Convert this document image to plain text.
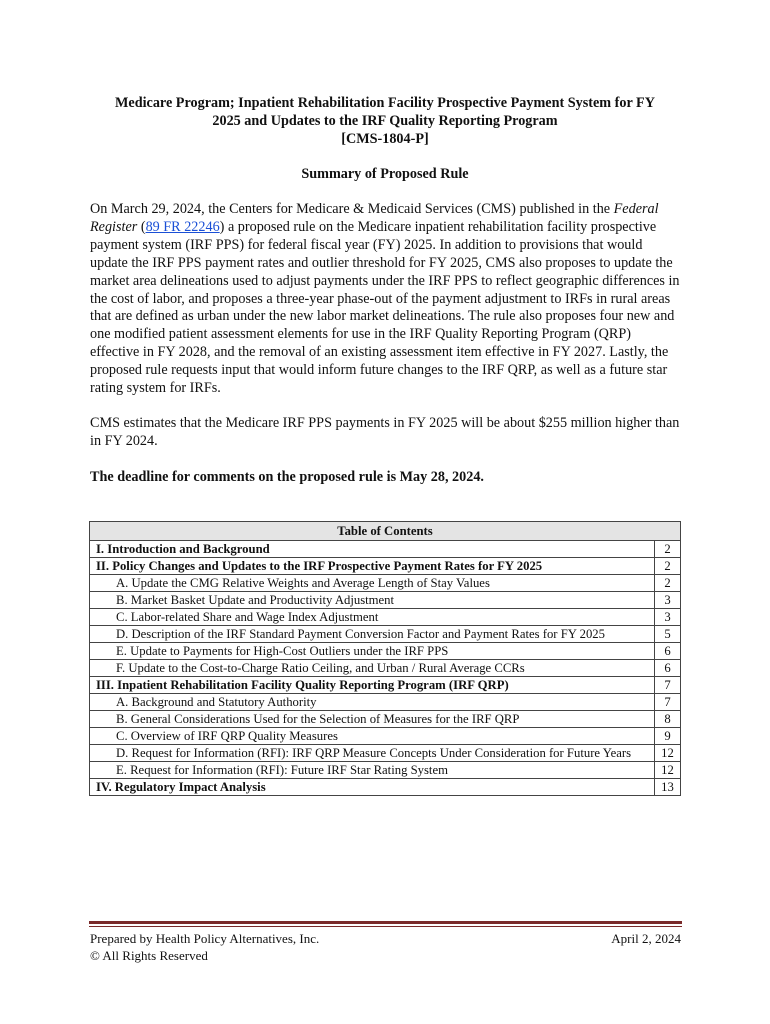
Medicare Program; Inpatient Rehabilitation Facility Prospective Payment System for FY
2025 and Updates to the IRF Quality Reporting Program
[CMS-1804-P]
Summary of Proposed Rule
On March 29, 2024, the Centers for Medicare & Medicaid Services (CMS) published in the Federal Register (89 FR 22246) a proposed rule on the Medicare inpatient rehabilitation facility prospective payment system (IRF PPS) for federal fiscal year (FY) 2025. In addition to provisions that would update the IRF PPS payment rates and outlier threshold for FY 2025, CMS also proposes to update the market area delineations used to adjust payments under the IRF PPS to reflect geographic differences in the cost of labor, and proposes a three-year phase-out of the payment adjustment to IRFs in rural areas that are defined as urban under the new labor market delineations. The rule also proposes four new and one modified patient assessment elements for use in the IRF Quality Reporting Program (QRP) effective in FY 2028, and the removal of an existing assessment item effective in FY 2027. Lastly, the proposed rule requests input that would inform future changes to the IRF QRP, as well as a future star rating system for IRFs.
CMS estimates that the Medicare IRF PPS payments in FY 2025 will be about $255 million higher than in FY 2024.
The deadline for comments on the proposed rule is May 28, 2024.
Table of Contents	
I. Introduction and Background	2
II. Policy Changes and Updates to the IRF Prospective Payment Rates for FY 2025	2
A. Update the CMG Relative Weights and Average Length of Stay Values	2
B. Market Basket Update and Productivity Adjustment	3
C. Labor-related Share and Wage Index Adjustment	3
D. Description of the IRF Standard Payment Conversion Factor and Payment Rates for FY 2025	5
E. Update to Payments for High-Cost Outliers under the IRF PPS	6
F. Update to the Cost-to-Charge Ratio Ceiling, and Urban / Rural Average CCRs	6
III. Inpatient Rehabilitation Facility Quality Reporting Program (IRF QRP)	7
A. Background and Statutory Authority	7
B. General Considerations Used for the Selection of Measures for the IRF QRP	8
C. Overview of IRF QRP Quality Measures	9
D. Request for Information (RFI): IRF QRP Measure Concepts Under Consideration for Future Years	12
E. Request for Information (RFI): Future IRF Star Rating System	12
IV. Regulatory Impact Analysis	13
Prepared by Health Policy Alternatives, Inc.
© All Rights Reserved
April 2, 2024
